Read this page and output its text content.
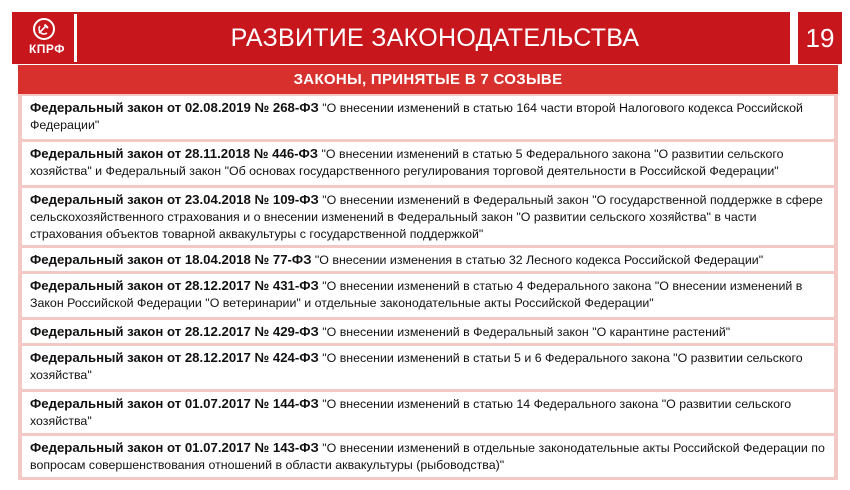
КПРФ	РАЗВИТИЕ ЗАКОНОДАТЕЛЬСТВА	19
ЗАКОНЫ, ПРИНЯТЫЕ В 7 СОЗЫВЕ
Федеральный закон от 02.08.2019 № 268-ФЗ "О внесении изменений в статью 164 части второй Налогового кодекса Российской Федерации"
Федеральный закон от 28.11.2018 № 446-ФЗ "О внесении изменений в статью 5 Федерального закона "О развитии сельского хозяйства" и Федеральный закон "Об основах государственного регулирования торговой деятельности в Российской Федерации"
Федеральный закон от 23.04.2018 № 109-ФЗ "О внесении изменений в Федеральный закон "О государственной поддержке в сфере сельскохозяйственного страхования и о внесении изменений в Федеральный закон "О развитии сельского хозяйства" в части страхования объектов товарной аквакультуры с государственной поддержкой"
Федеральный закон от 18.04.2018 № 77-ФЗ "О внесении изменения в статью 32 Лесного кодекса Российской Федерации"
Федеральный закон от 28.12.2017 № 431-ФЗ "О внесении изменений в статью 4 Федерального закона "О внесении изменений в Закон Российской Федерации "О ветеринарии" и отдельные законодательные акты Российской Федерации"
Федеральный закон от 28.12.2017 № 429-ФЗ "О внесении изменений в Федеральный закон "О карантине растений"
Федеральный закон от 28.12.2017 № 424-ФЗ "О внесении изменений в статьи 5 и 6 Федерального закона "О развитии сельского хозяйства"
Федеральный закон от 01.07.2017 № 144-ФЗ "О внесении изменений в статью 14 Федерального закона "О развитии сельского хозяйства"
Федеральный закон от 01.07.2017 № 143-ФЗ "О внесении изменений в отдельные законодательные акты Российской Федерации по вопросам совершенствования отношений в области аквакультуры (рыбоводства)"
